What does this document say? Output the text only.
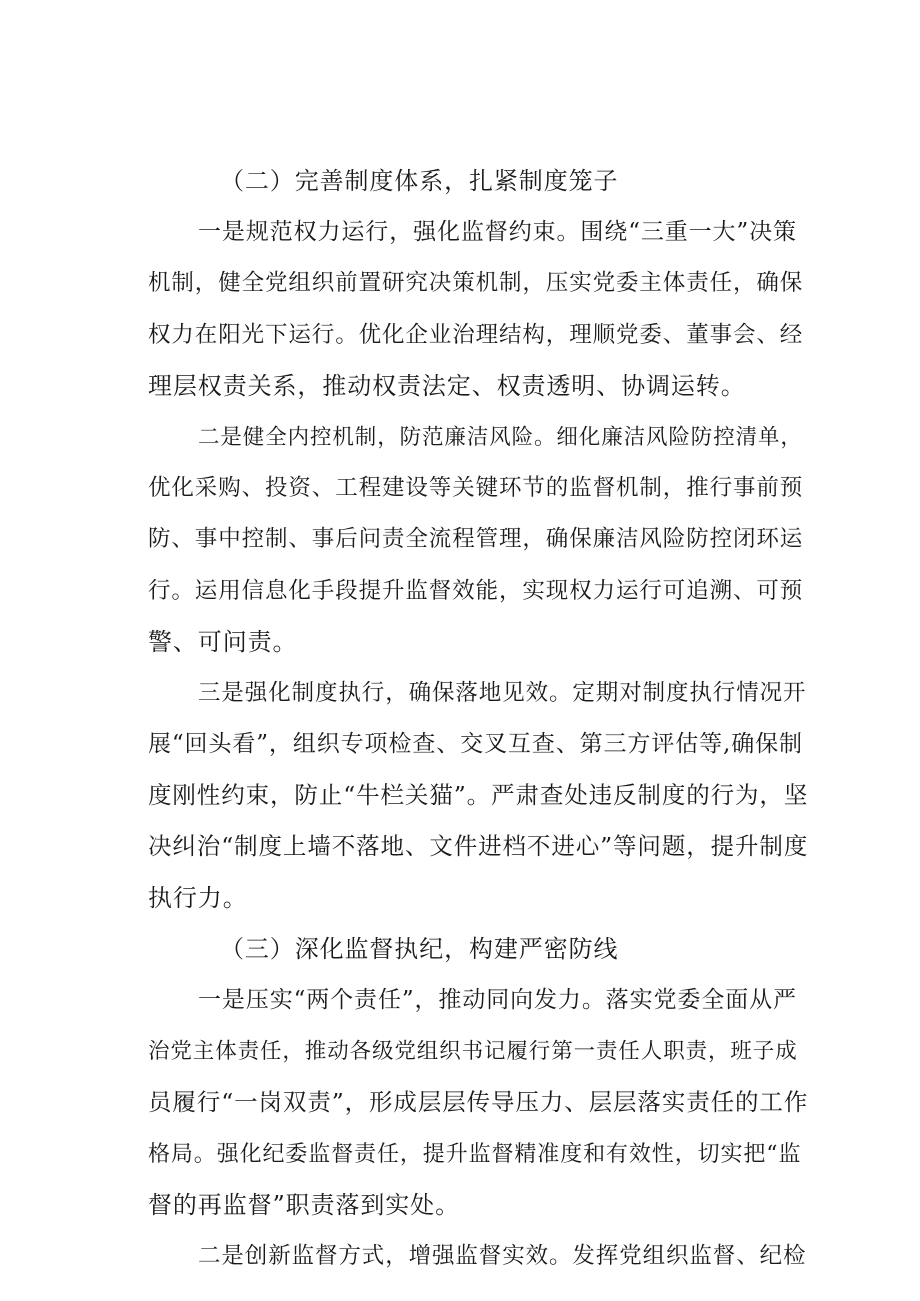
（二）完善制度体系，扎紧制度笼子
一是规范权力运行，强化监督约束。围绕“三重一大”决策
机制，健全党组织前置研究决策机制，压实党委主体责任，确保
权力在阳光下运行。优化企业治理结构，理顺党委、董事会、经
理层权责关系，推动权责法定、权责透明、协调运转。
二是健全内控机制，防范廉洁风险。细化廉洁风险防控清单，
优化采购、投资、工程建设等关键环节的监督机制，推行事前预
防、事中控制、事后问责全流程管理，确保廉洁风险防控闭环运
行。运用信息化手段提升监督效能，实现权力运行可追溯、可预
警、可问责。
三是强化制度执行，确保落地见效。定期对制度执行情况开
展“回头看”，组织专项检查、交叉互查、第三方评估等,确保制
度刚性约束，防止“牛栏关猫”。严肃查处违反制度的行为，坚
决纠治“制度上墙不落地、文件进档不进心”等问题，提升制度
执行力。
（三）深化监督执纪，构建严密防线
一是压实“两个责任”，推动同向发力。落实党委全面从严
治党主体责任，推动各级党组织书记履行第一责任人职责，班子成
员履行“一岗双责”，形成层层传导压力、层层落实责任的工作
格局。强化纪委监督责任，提升监督精准度和有效性，切实把“监
督的再监督”职责落到实处。
二是创新监督方式，增强监督实效。发挥党组织监督、纪检
